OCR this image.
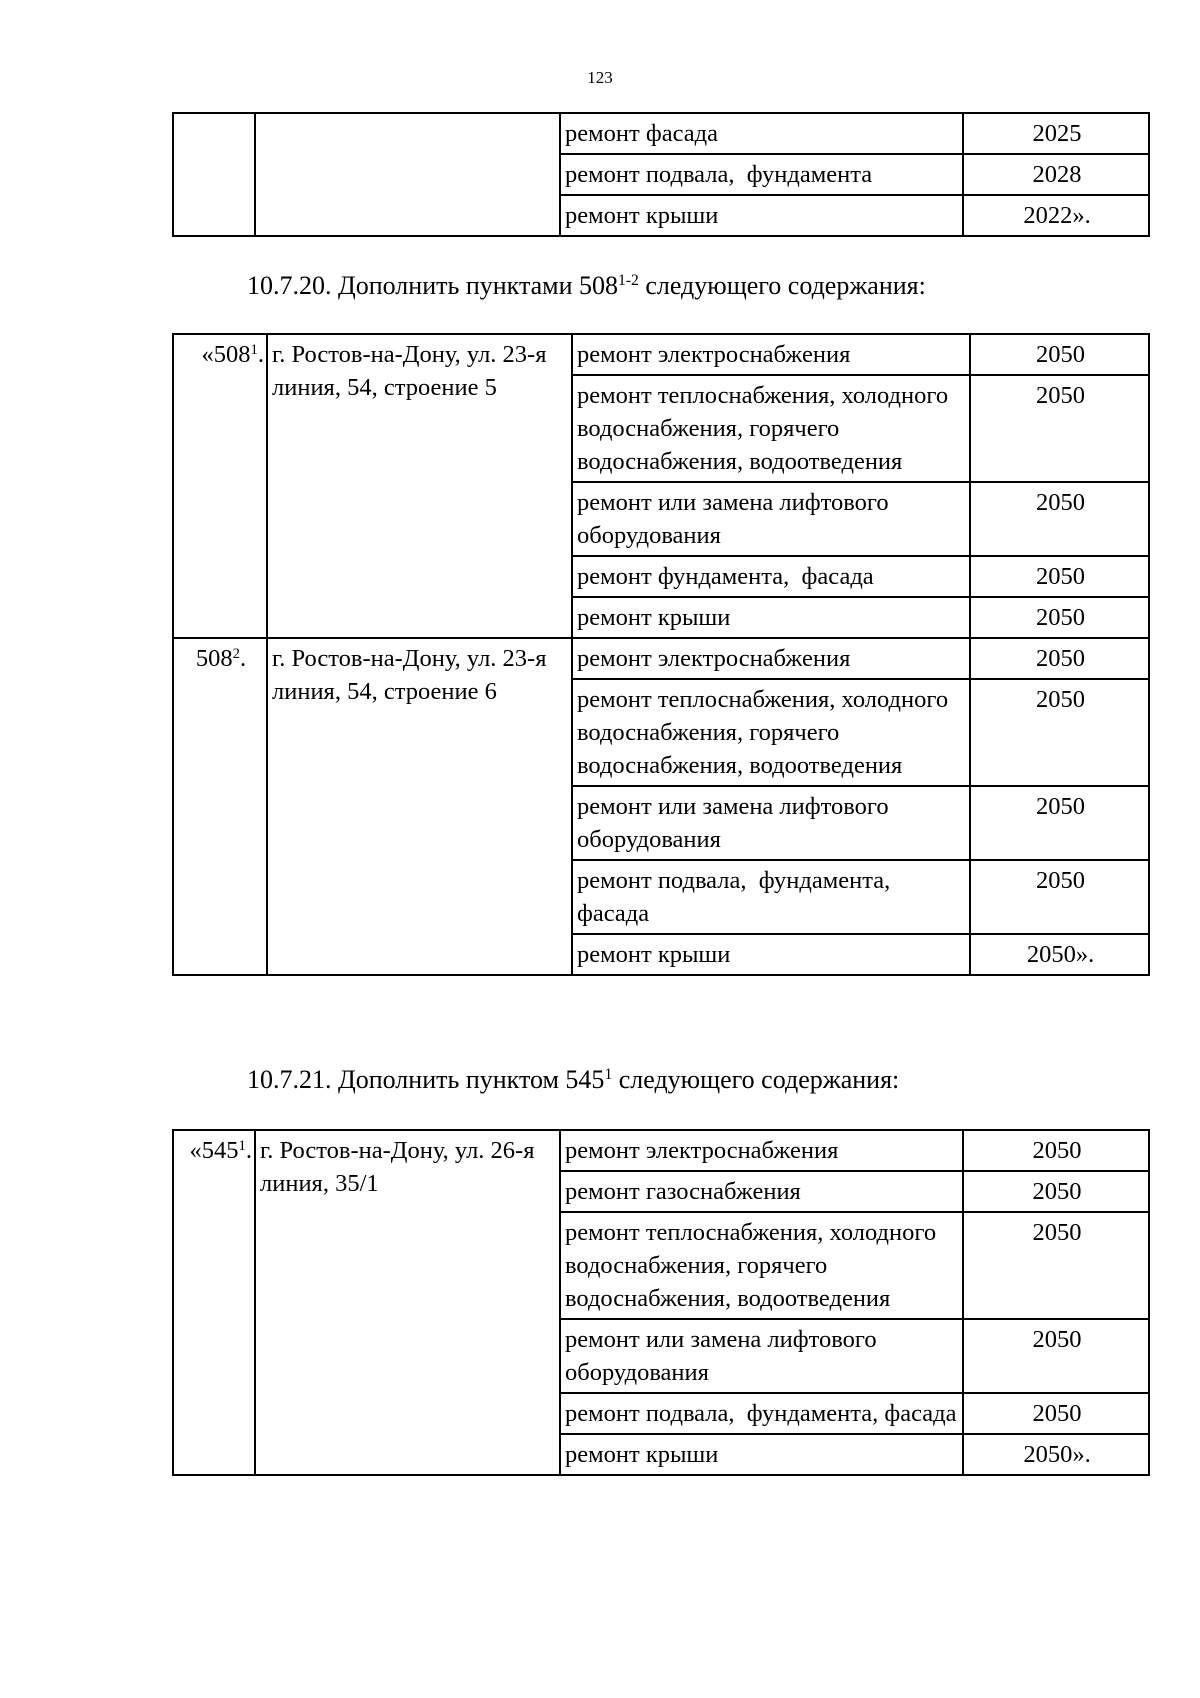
123
		ремонт фасада	2025
		ремонт подвала,  фундамента	2028
		ремонт крыши	2022».

10.7.20. Дополнить пунктами 508$^{1-2}$ следующего содержания:

«$508^1$.	г. Ростов-на-Дону, ул. 23-я линия, 54, строение 5	ремонт электроснабжения	2050
		ремонт теплоснабжения, холодного водоснабжения, горячего водоснабжения, водоотведения	2050
		ремонт или замена лифтового оборудования	2050
		ремонт фундамента,  фасада	2050
		ремонт крыши	2050
$508^2$.	г. Ростов-на-Дону, ул. 23-я линия, 54, строение 6	ремонт электроснабжения	2050
		ремонт теплоснабжения, холодного водоснабжения, горячего водоснабжения, водоотведения	2050
		ремонт или замена лифтового оборудования	2050
		ремонт подвала,  фундамента, фасада	2050
		ремонт крыши	2050».

10.7.21. Дополнить пунктом $545^1$ следующего содержания:

«$545^1$.	г. Ростов-на-Дону, ул. 26-я линия, 35/1	ремонт электроснабжения	2050
		ремонт газоснабжения	2050
		ремонт теплоснабжения, холодного водоснабжения, горячего водоснабжения, водоотведения	2050
		ремонт или замена лифтового оборудования	2050
		ремонт подвала,  фундамента, фасада	2050
		ремонт крыши	2050».
